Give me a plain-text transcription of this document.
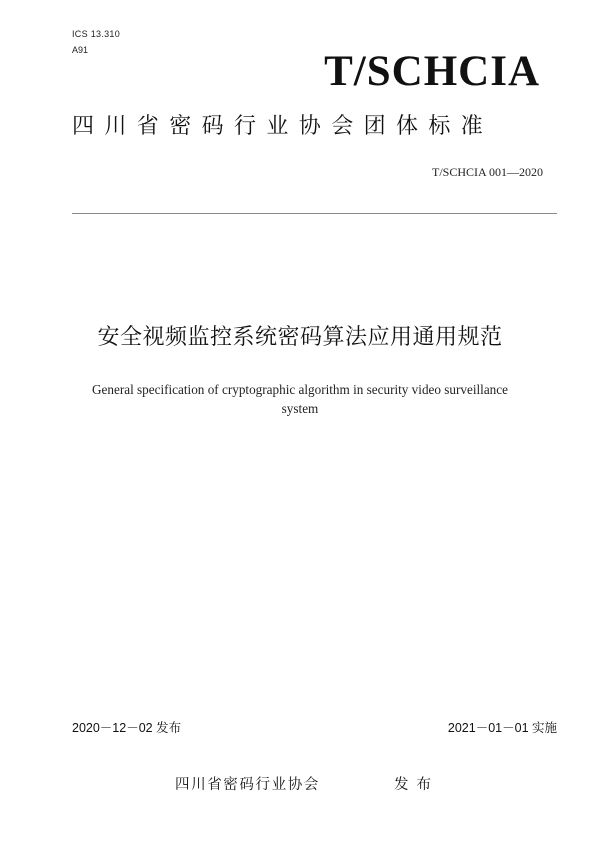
ICS 13.310
A91	T/SCHCIA
四川省密码行业协会团体标准
T/SCHCIA 001—2020
安全视频监控系统密码算法应用通用规范
General specification of cryptographic algorithm in security video surveillance
system
2020－12－02 发布	2021－01－01 实施
四川省密码行业协会	发布
